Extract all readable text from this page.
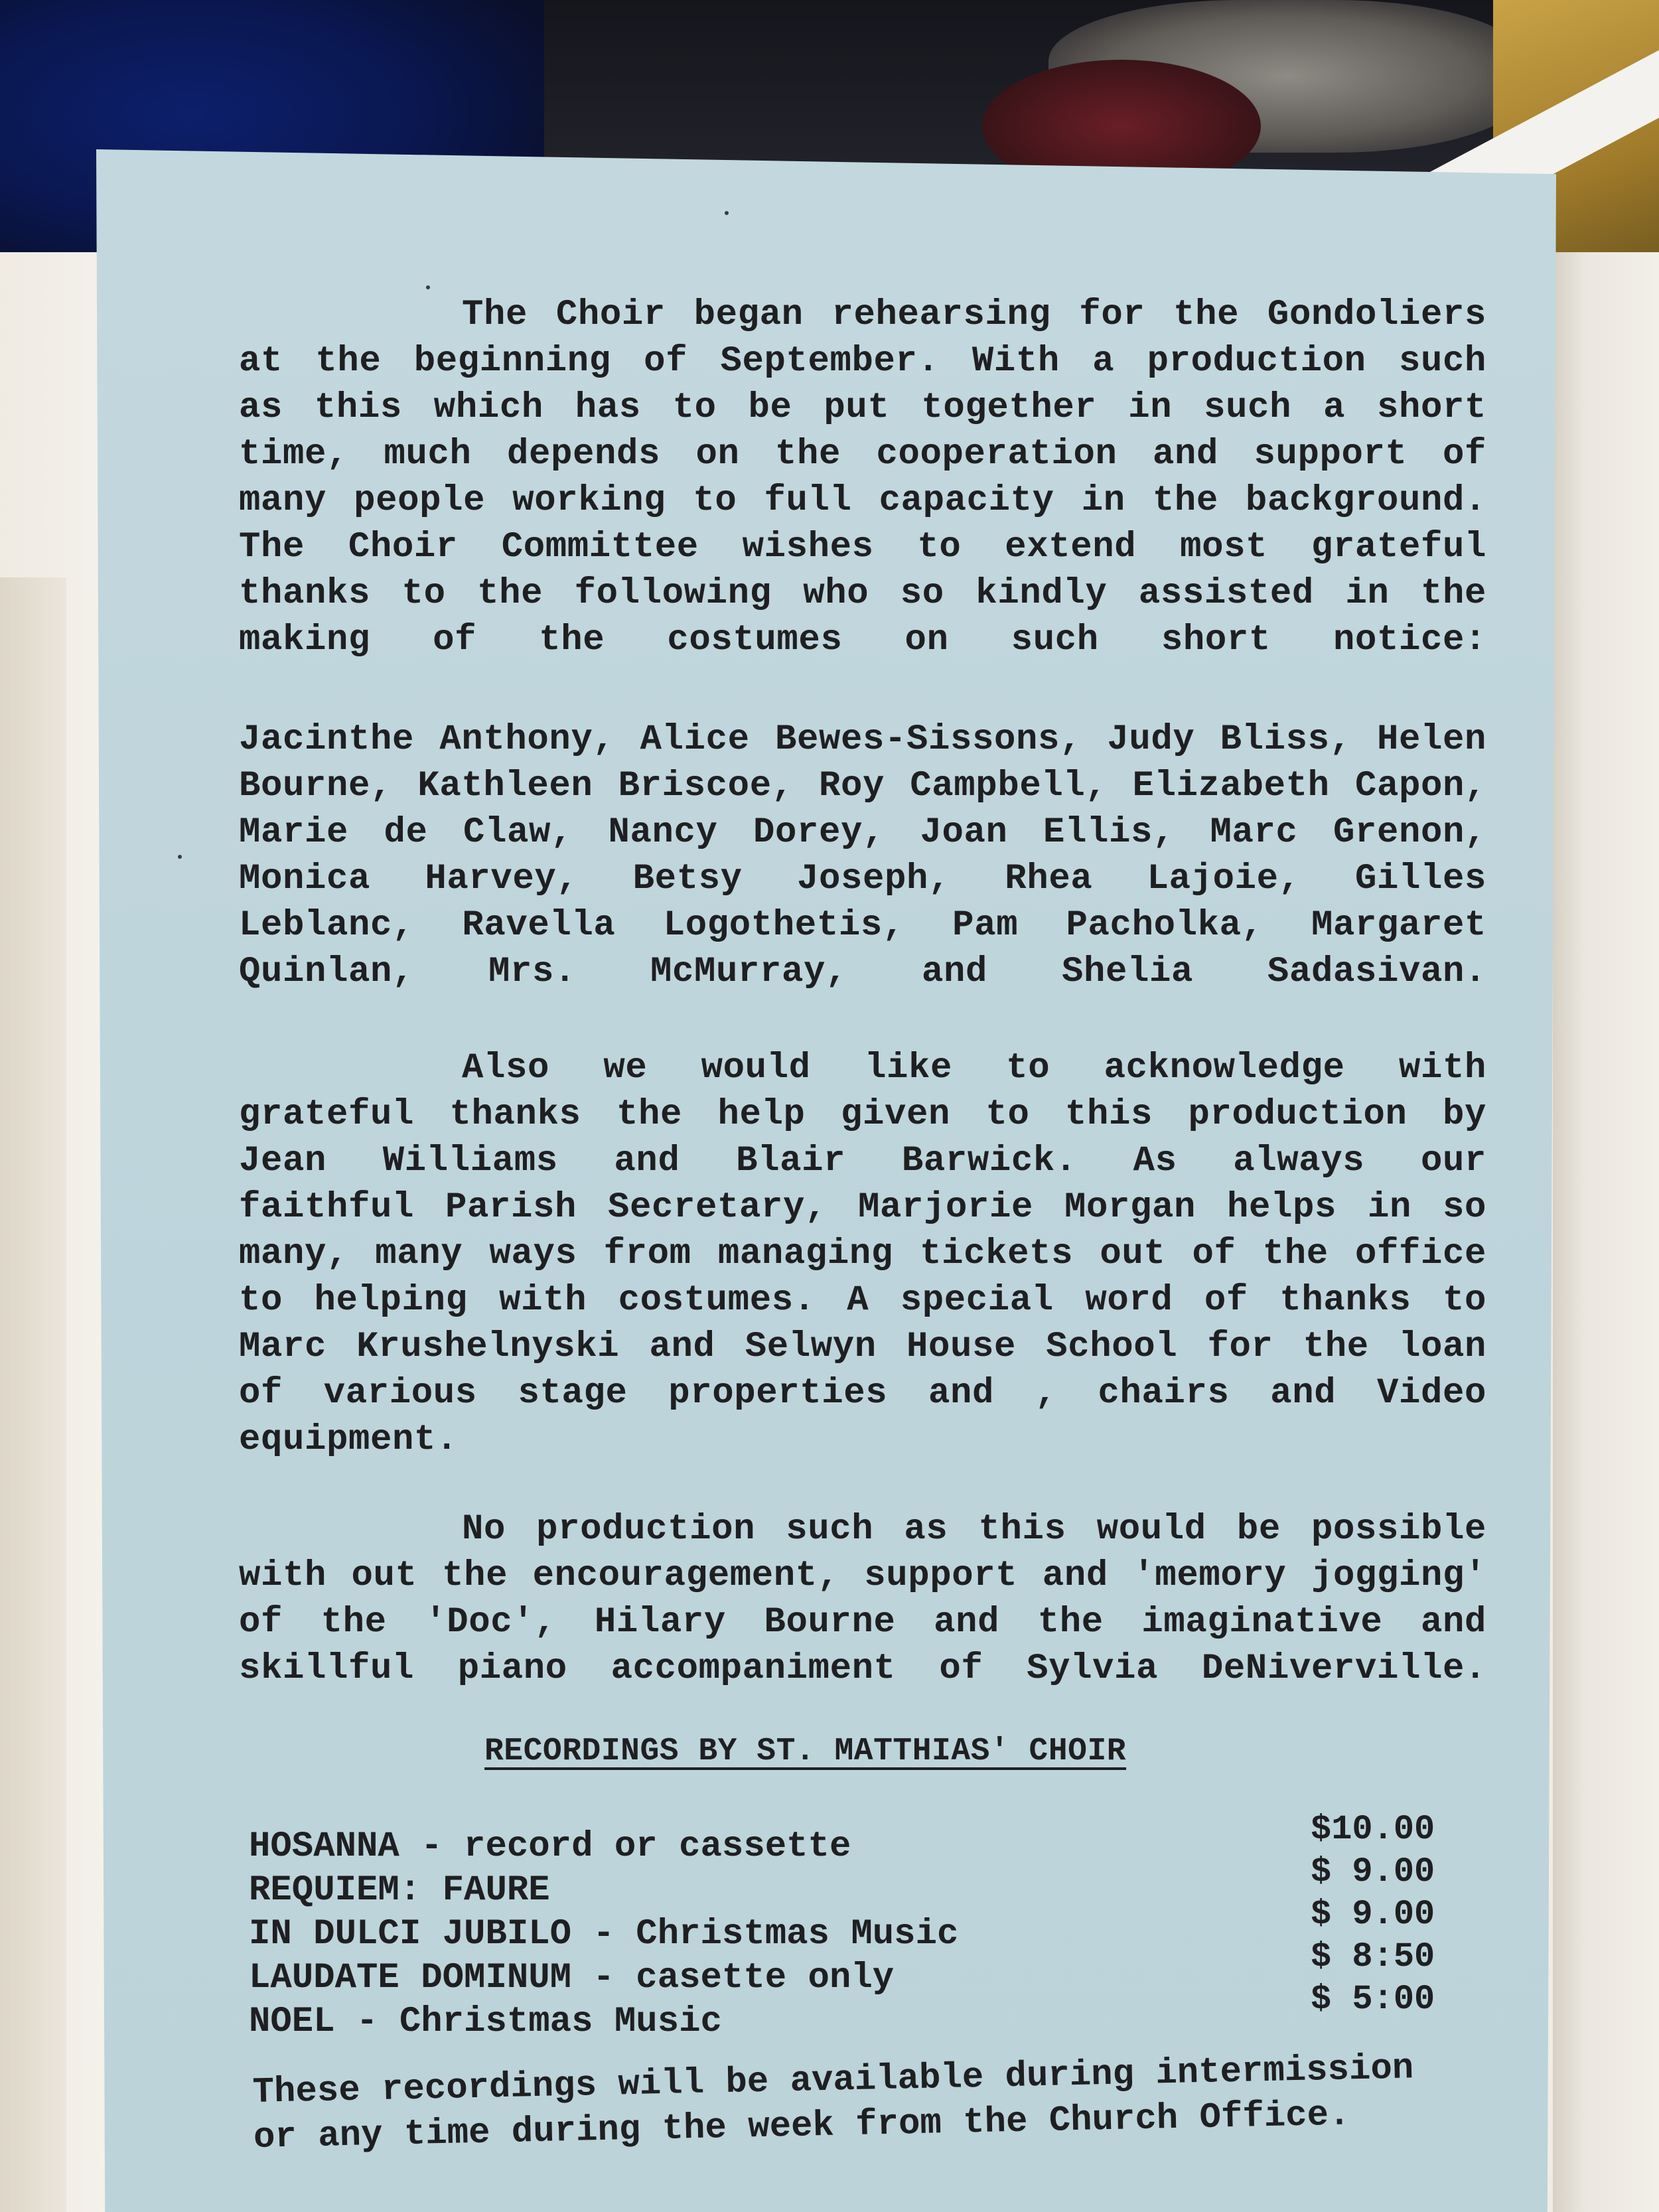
The Choir began rehearsing for the Gondoliers
at the beginning of September. With a production such
as this which has to be put together in such a short
time, much depends on the cooperation and support of
many people working to full capacity in the background.
The Choir Committee wishes to extend most grateful
thanks to the following who so kindly assisted in the
making of the costumes on such short notice:
Jacinthe Anthony, Alice Bewes-Sissons, Judy Bliss, Helen
Bourne, Kathleen Briscoe, Roy Campbell, Elizabeth Capon,
Marie de Claw, Nancy Dorey, Joan Ellis, Marc Grenon,
Monica Harvey, Betsy Joseph, Rhea Lajoie, Gilles
Leblanc, Ravella Logothetis, Pam Pacholka, Margaret
Quinlan, Mrs. McMurray, and Shelia Sadasivan.
Also we would like to acknowledge with
grateful thanks the help given to this production by
Jean Williams and Blair Barwick. As always our
faithful Parish Secretary, Marjorie Morgan helps in so
many, many ways from managing tickets out of the office
to helping with costumes. A special word of thanks to
Marc Krushelnyski and Selwyn House School for the loan
of various stage properties and , chairs and Video
equipment.
No production such as this would be possible
with out the encouragement, support and 'memory jogging'
of the 'Doc', Hilary Bourne and the imaginative and
skillful piano accompaniment of Sylvia DeNiverville.
RECORDINGS BY ST. MATTHIAS' CHOIR
HOSANNA - record or cassette
REQUIEM: FAURE
IN DULCI JUBILO - Christmas Music
LAUDATE DOMINUM - casette only
NOEL - Christmas Music
$10.00
$ 9.00
$ 9.00
$ 8:50
$ 5:00
These recordings will be available during intermission
or any time during the week from the Church Office.
